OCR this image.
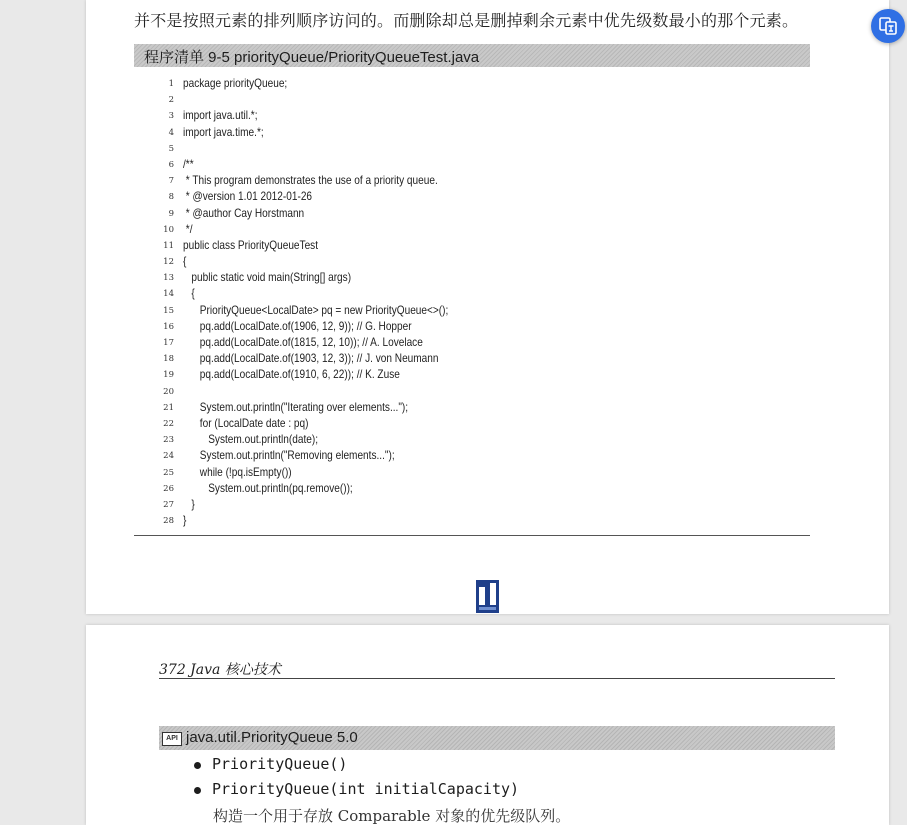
并不是按照元素的排列顺序访问的。而删除却总是删掉剩余元素中优先级数最小的那个元素。

程序清单 9-5 priorityQueue/PriorityQueueTest.java
1 package priorityQueue;
2
3 import java.util.*;
4 import java.time.*;
5
6 /**
7 * This program demonstrates the use of a priority queue.
8 * @version 1.01 2012-01-26
9 * @author Cay Horstmann
10 */
11 public class PriorityQueueTest
12 {
13 public static void main(String[] args)
14 {
15 PriorityQueue<LocalDate> pq = new PriorityQueue<>();
16 pq.add(LocalDate.of(1906, 12, 9)); // G. Hopper
17 pq.add(LocalDate.of(1815, 12, 10)); // A. Lovelace
18 pq.add(LocalDate.of(1903, 12, 3)); // J. von Neumann
19 pq.add(LocalDate.of(1910, 6, 22)); // K. Zuse
20
21 System.out.println("Iterating over elements...");
22 for (LocalDate date : pq)
23 System.out.println(date);
24 System.out.println("Removing elements...");
25 while (!pq.isEmpty())
26 System.out.println(pq.remove());
27 }
28 }

372 Java 核心技术

API java.util.PriorityQueue 5.0
PriorityQueue()
PriorityQueue(int initialCapacity)

构造一个用于存放 Comparable 对象的优先级队列。
